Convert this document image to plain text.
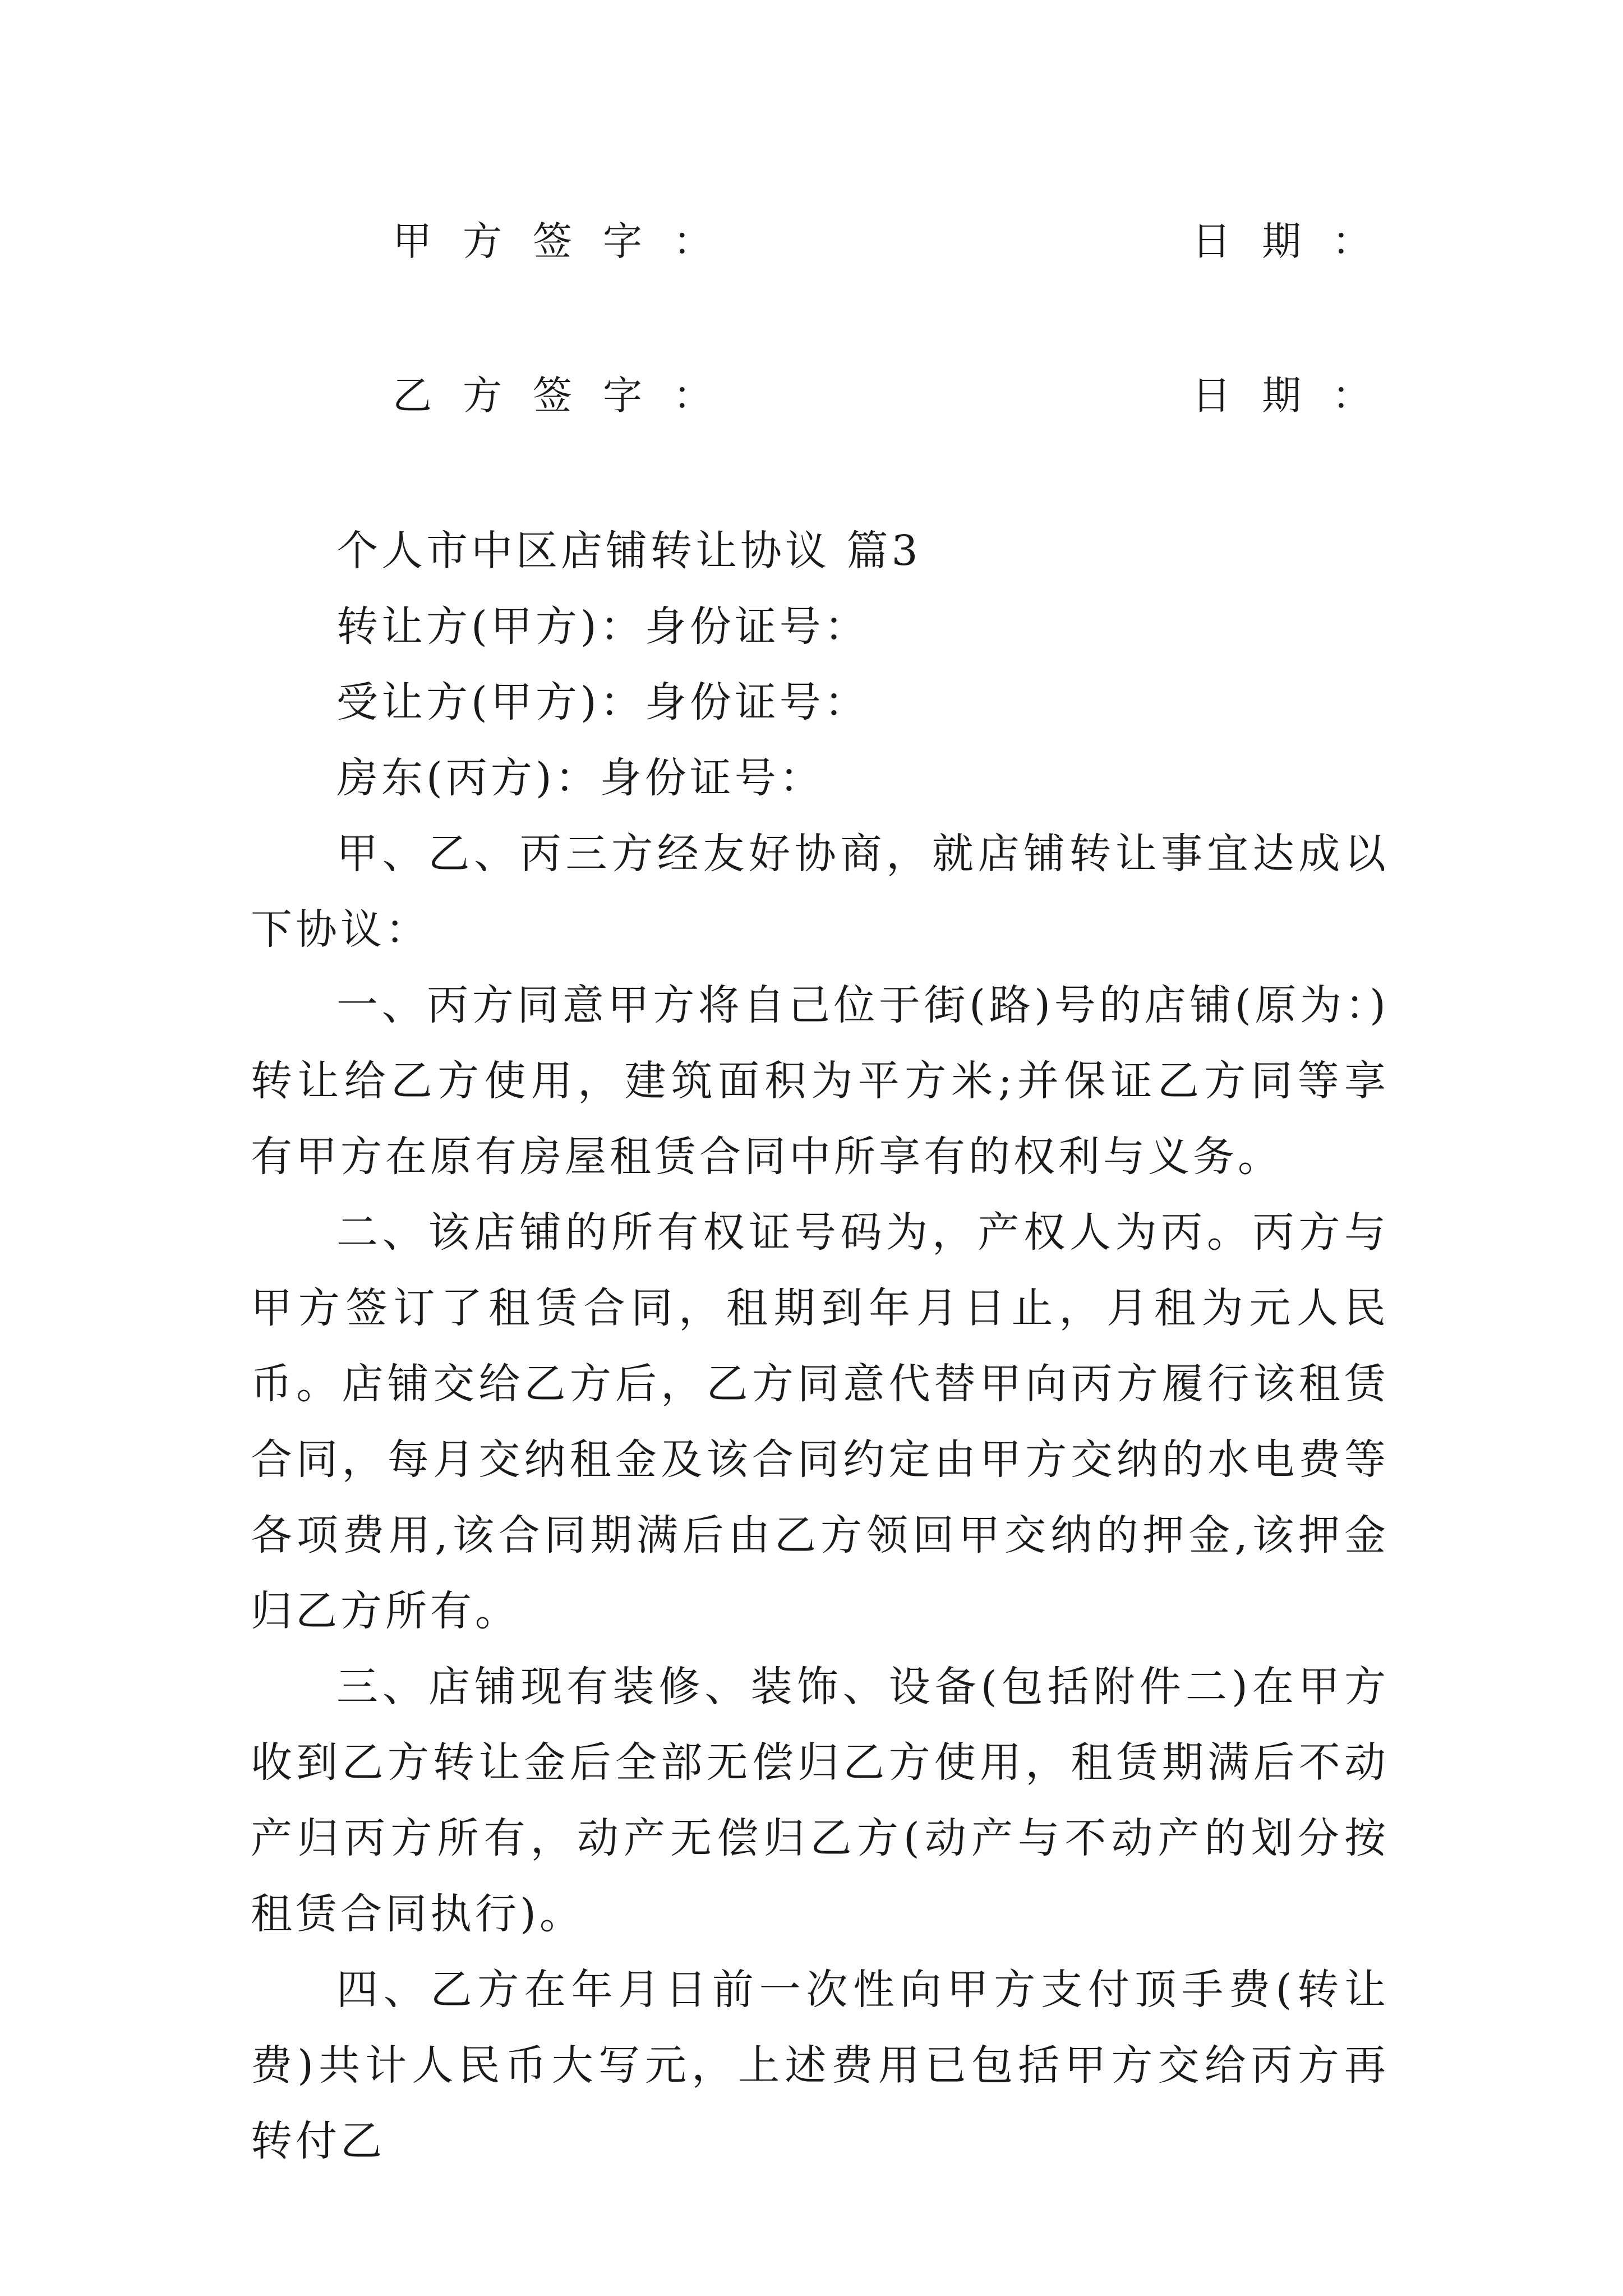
甲方签字：	日期：
乙方签字：	日期：
个人市中区店铺转让协议 篇3
转让方(甲方)：身份证号：
受让方(甲方)：身份证号：
房东(丙方)：身份证号：

甲、乙、丙三方经友好协商，就店铺转让事宜达成以下协议：

一、丙方同意甲方将自己位于街(路)号的店铺(原为：)转让给乙方使用，建筑面积为平方米;并保证乙方同等享有甲方在原有房屋租赁合同中所享有的权利与义务。

二、该店铺的所有权证号码为，产权人为丙。丙方与甲方签订了租赁合同，租期到年月日止，月租为元人民币。店铺交给乙方后，乙方同意代替甲向丙方履行该租赁合同，每月交纳租金及该合同约定由甲方交纳的水电费等各项费用,该合同期满后由乙方领回甲交纳的押金,该押金归乙方所有。

三、店铺现有装修、装饰、设备(包括附件二)在甲方收到乙方转让金后全部无偿归乙方使用，租赁期满后不动产归丙方所有，动产无偿归乙方(动产与不动产的划分按租赁合同执行)。

四、乙方在年月日前一次性向甲方支付顶手费(转让费)共计人民币大写元，上述费用已包括甲方交给丙方再转付乙
